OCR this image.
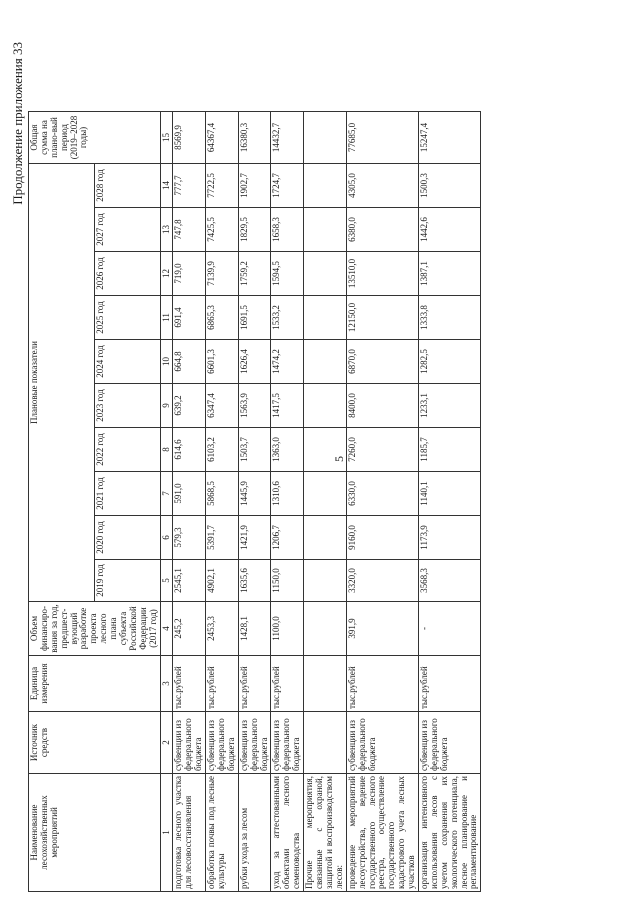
5
Продолжение приложения 33
Наименование лесохозяйственных мероприятий	Источник средств	Единица измерения	Объем финансиро-вания за год, предшест-вующий разработке проекта лесного плана субъекта Российской Федерации (2017 год)	Плановые показатели										Общая сумма на плано-вый период (2019–2028 годы)
				2019 год	2020 год	2021 год	2022 год	2023 год	2024 год	2025 год	2026 год	2027 год	2028 год	
1	2	3	4	5	6	7	8	9	10	11	12	13	14	15
подготовка лесного участка для лесовосстановления	субвенции из федерального бюджета	тыс.рублей	245,2	2545,1	579,3	591,0	614,6	639,2	664,8	691,4	719,0	747,8	777,7	8569,9
обработка почвы под лесные культуры	субвенции из федерального бюджета	тыс.рублей	2453,3	4902,1	5391,7	5868,5	6103,2	6347,4	6601,3	6865,3	7139,9	7425,5	7722,5	64367,4
рубки ухода за лесом	субвенции из федерального бюджета	тыс.рублей	1428,1	1635,6	1421,9	1445,9	1503,7	1563,9	1626,4	1691,5	1759,2	1829,5	1902,7	16380,3
уход за аттестованными объектами лесного семеноводства	субвенции из федерального бюджета	тыс.рублей	1100,0	1150,0	1206,7	1310,6	1363,0	1417,5	1474,2	1533,2	1594,5	1658,3	1724,7	14432,7
Прочие мероприятия, связанные с охраной, защитой и воспроизводством лесов:														
проведение мероприятий лесоустройства, ведение государственного лесного реестра, осуществление государственного кадастрового учета лесных участков	субвенции из федерального бюджета	тыс.рублей	391,9	3320,0	9160,0	6330,0	7260,0	8400,0	6870,0	12150,0	13510,0	6380,0	4305,0	77685,0
организация интенсивного использования лесов с учетом сохранения их экологического потенциала, лесное планирование и регламентирование	субвенции из федерального бюджета	тыс.рублей	-	3568,3	1173,9	1140,1	1185,7	1233,1	1282,5	1333,8	1387,1	1442,6	1500,3	15247,4
